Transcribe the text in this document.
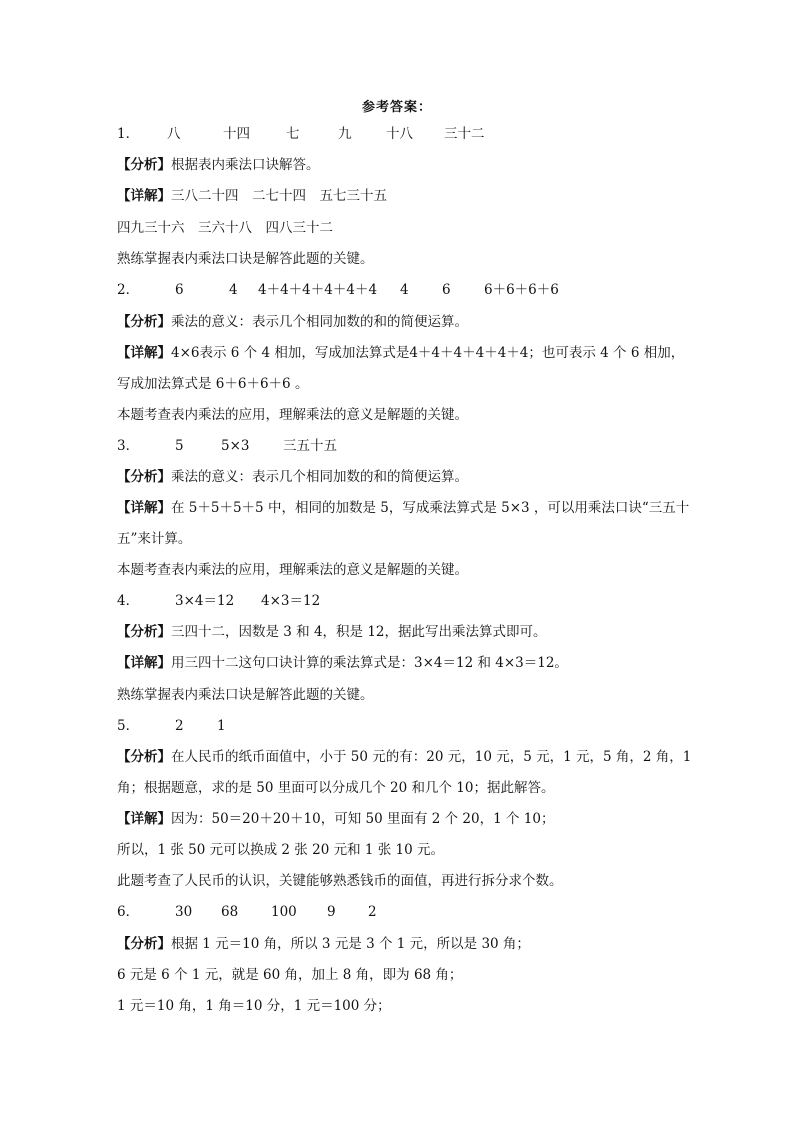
参考答案：
1． 八	十四	七	九	十八 三十二
【分析】根据表内乘法口诀解答。
【详解】三八二十四　二七十四　五七三十五
四九三十六　三六十八　四八三十二
熟练掌握表内乘法口诀是解答此题的关键。
2．	6	4 4＋4＋4＋4＋4＋4 4 6 6＋6＋6＋6
【分析】乘法的意义：表示几个相同加数的和的简便运算。
【详解】4×6表示 6 个 4 相加，写成加法算式是4＋4＋4＋4＋4＋4；也可表示 4 个 6 相加，
写成加法算式是 6＋6＋6＋6 。
本题考查表内乘法的应用，理解乘法的意义是解题的关键。
3．	5	5×3 三五十五
【分析】乘法的意义：表示几个相同加数的和的简便运算。
【详解】在 5＋5＋5＋5 中，相同的加数是 5，写成乘法算式是 5×3 ，可以用乘法口诀“三五十
五”来计算。
本题考查表内乘法的应用，理解乘法的意义是解题的关键。
4．	3×4＝12 4×3＝12
【分析】三四十二，因数是 3 和 4，积是 12，据此写出乘法算式即可。
【详解】用三四十二这句口诀计算的乘法算式是：3×4＝12 和 4×3＝12。
熟练掌握表内乘法口诀是解答此题的关键。
5．	2 1
【分析】在人民币的纸币面值中，小于 50 元的有：20 元，10 元，5 元，1 元，5 角，2 角，1
角；根据题意，求的是 50 里面可以分成几个 20 和几个 10；据此解答。
【详解】因为：50＝20＋20＋10，可知 50 里面有 2 个 20，1 个 10；
所以，1 张 50 元可以换成 2 张 20 元和 1 张 10 元。
此题考查了人民币的认识，关键能够熟悉钱币的面值，再进行拆分求个数。
6．	30 68 100 9 2
【分析】根据 1 元＝10 角，所以 3 元是 3 个 1 元，所以是 30 角；
6 元是 6 个 1 元，就是 60 角，加上 8 角，即为 68 角；
1 元＝10 角，1 角＝10 分，1 元＝100 分；
